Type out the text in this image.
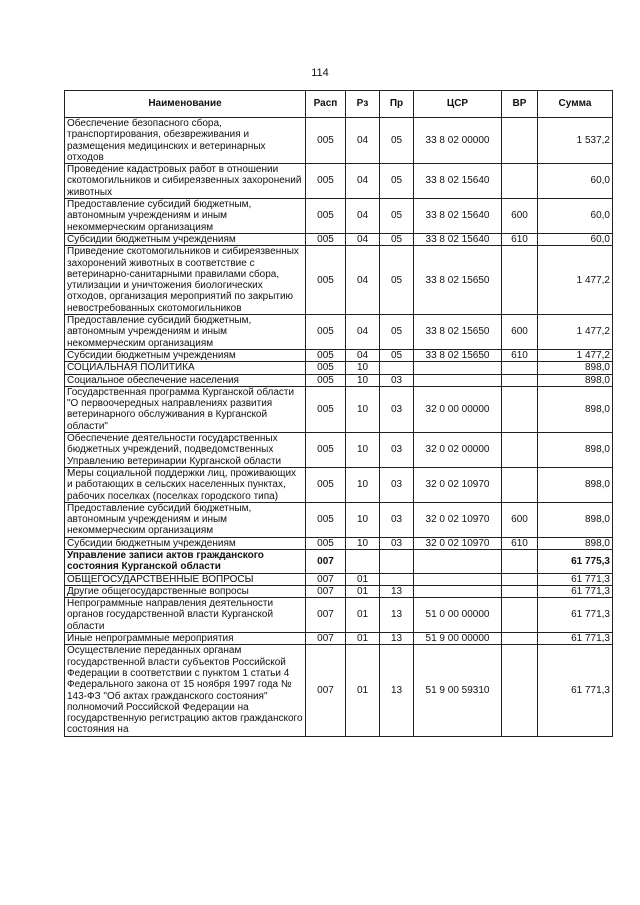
114
Наименование	Расп	Рз	Пр	ЦСР	ВР	Сумма
Обеспечение безопасного сбора, транспортирования, обезвреживания и размещения медицинских и ветеринарных отходов	005	04	05	33 8 02 00000		1 537,2
Проведение кадастровых работ в отношении скотомогильников и сибиреязвенных захоронений животных	005	04	05	33 8 02 15640		60,0
Предоставление субсидий бюджетным, автономным учреждениям и иным некоммерческим организациям	005	04	05	33 8 02 15640	600	60,0
Субсидии бюджетным учреждениям	005	04	05	33 8 02 15640	610	60,0
Приведение скотомогильников и сибиреязвенных захоронений животных в соответствие с ветеринарно-санитарными правилами сбора, утилизации и уничтожения биологических отходов, организация мероприятий по закрытию невостребованных скотомогильников	005	04	05	33 8 02 15650		1 477,2
Предоставление субсидий бюджетным, автономным учреждениям и иным некоммерческим организациям	005	04	05	33 8 02 15650	600	1 477,2
Субсидии бюджетным учреждениям	005	04	05	33 8 02 15650	610	1 477,2
СОЦИАЛЬНАЯ ПОЛИТИКА	005	10				898,0
Социальное обеспечение населения	005	10	03			898,0
Государственная программа Курганской области "О первоочередных направлениях развития ветеринарного обслуживания в Курганской области"	005	10	03	32 0 00 00000		898,0
Обеспечение деятельности государственных бюджетных учреждений, подведомственных Управлению ветеринарии Курганской области	005	10	03	32 0 02 00000		898,0
Меры социальной поддержки лиц, проживающих и работающих в сельских населенных пунктах, рабочих поселках (поселках городского типа)	005	10	03	32 0 02 10970		898,0
Предоставление субсидий бюджетным, автономным учреждениям и иным некоммерческим организациям	005	10	03	32 0 02 10970	600	898,0
Субсидии бюджетным учреждениям	005	10	03	32 0 02 10970	610	898,0
Управление записи актов гражданского состояния Курганской области	007					61 775,3
ОБЩЕГОСУДАРСТВЕННЫЕ ВОПРОСЫ	007	01				61 771,3
Другие общегосударственные вопросы	007	01	13			61 771,3
Непрограммные направления деятельности органов государственной власти Курганской области	007	01	13	51 0 00 00000		61 771,3
Иные непрограммные мероприятия	007	01	13	51 9 00 00000		61 771,3
Осуществление переданных органам государственной власти субъектов Российской Федерации в соответствии с пунктом 1 статьи 4 Федерального закона от 15 ноября 1997 года № 143-ФЗ "Об актах гражданского состояния" полномочий Российской Федерации на государственную регистрацию актов гражданского состояния на	007	01	13	51 9 00 59310		61 771,3
